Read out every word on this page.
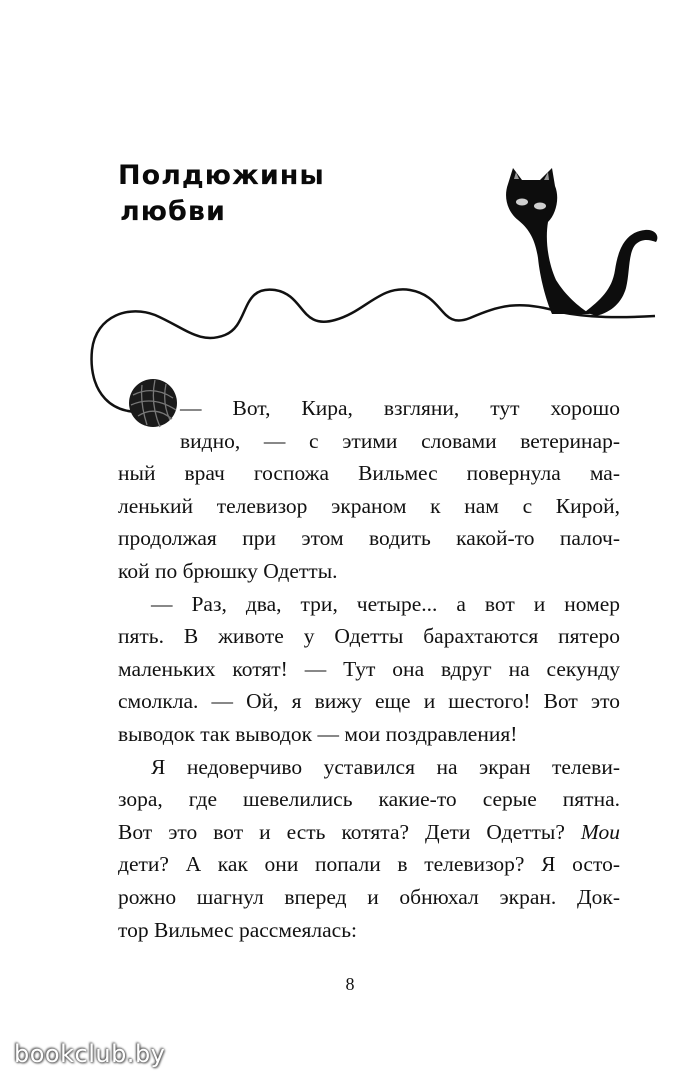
Полдюжины
любви
— Вот, Кира, взгляни, тут хорошо
видно, — с этими словами ветеринар-
ный врач госпожа Вильмес повернула ма-
ленький телевизор экраном к нам с Кирой,
продолжая при этом водить какой-то палоч-
кой по брюшку Одетты.
— Раз, два, три, четыре... а вот и номер
пять. В животе у Одетты барахтаются пятеро
маленьких котят! — Тут она вдруг на секунду
смолкла. — Ой, я вижу еще и шестого! Вот это
выводок так выводок — мои поздравления!
Я недоверчиво уставился на экран телеви-
зора, где шевелились какие-то серые пятна.
Вот это вот и есть котята? Дети Одетты? Мои
дети? А как они попали в телевизор? Я осто-
рожно шагнул вперед и обнюхал экран. Док-
тор Вильмес рассмеялась:
8
bookclub.by
